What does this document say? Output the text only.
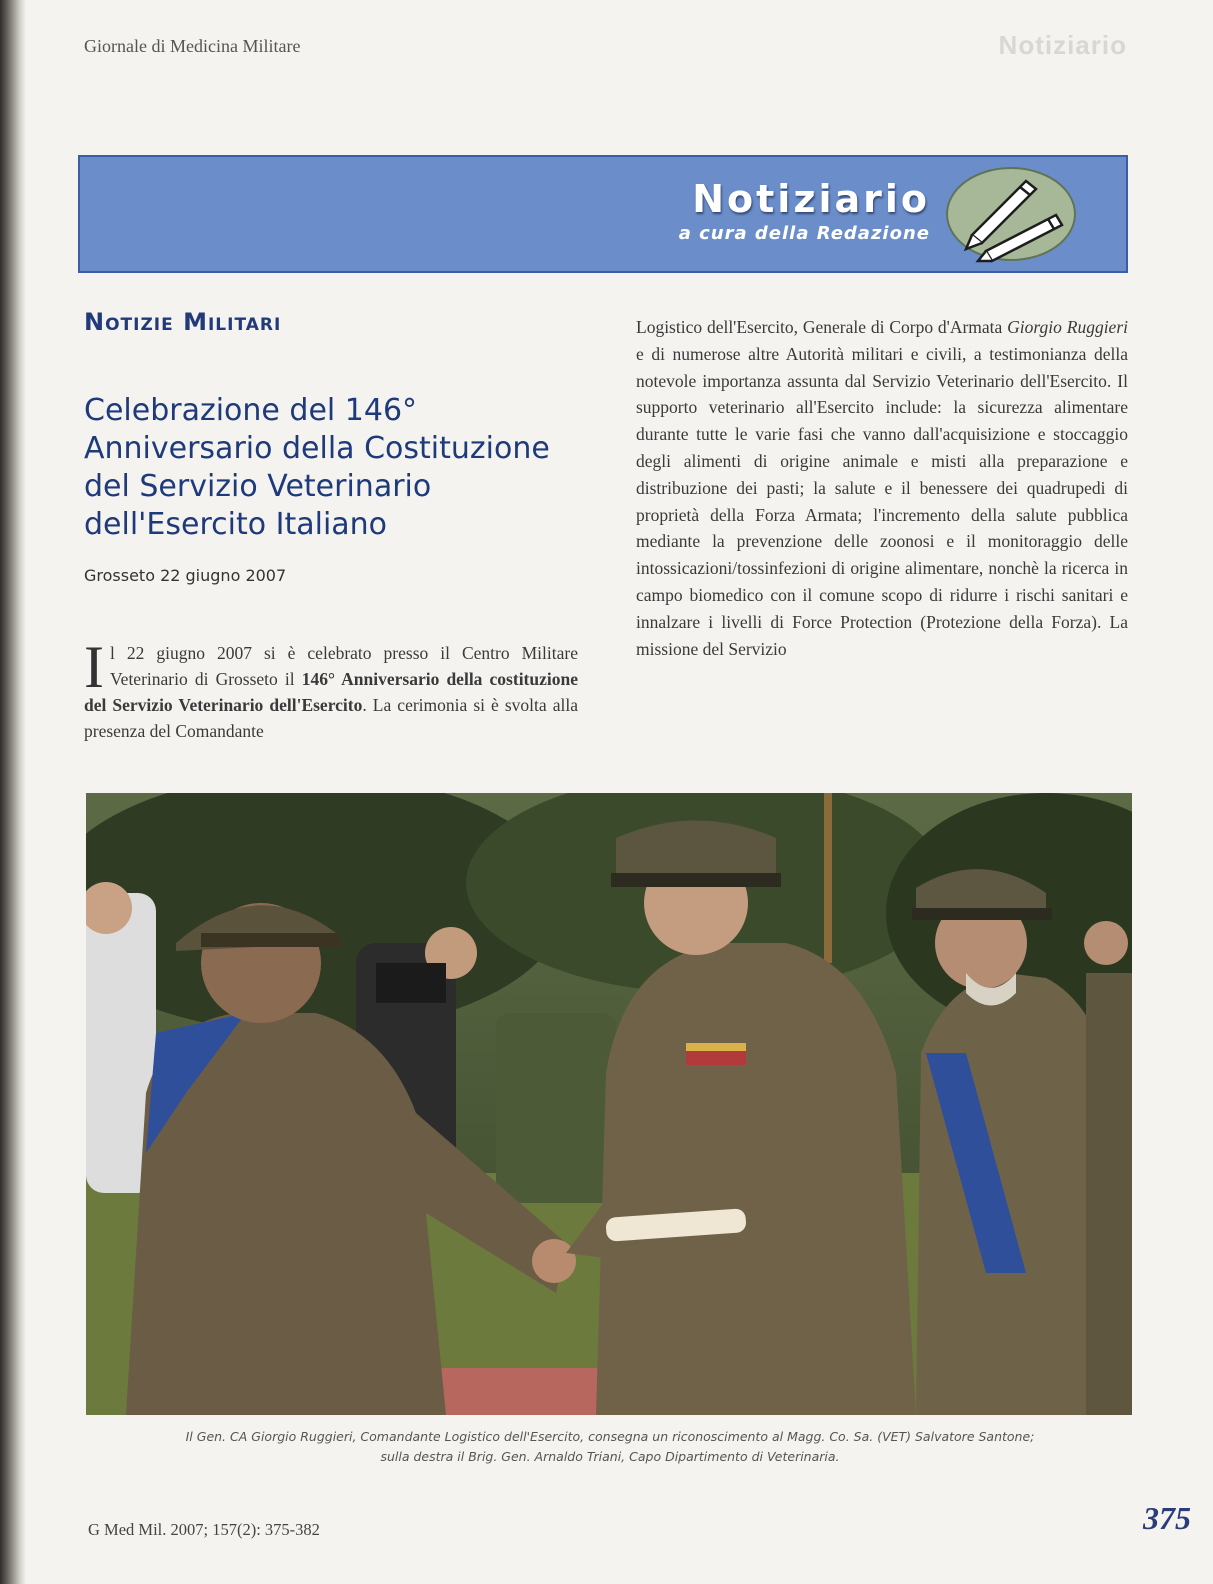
Giornale di Medicina Militare	Notiziario
Notiziario
a cura della Redazione
Notizie Militari
Celebrazione del 146° Anniversario della Costituzione del Servizio Veterinario dell'Esercito Italiano
Grosseto 22 giugno 2007
Il 22 giugno 2007 si è celebrato presso il Centro Militare Veterinario di Grosseto il 146° Anniversario della costituzione del Servizio Veterinario dell'Esercito. La cerimonia si è svolta alla presenza del Comandante
Logistico dell'Esercito, Generale di Corpo d'Armata Giorgio Ruggieri e di numerose altre Autorità militari e civili, a testimonianza della notevole importanza assunta dal Servizio Veterinario dell'Esercito. Il supporto veterinario all'Esercito include: la sicurezza alimentare durante tutte le varie fasi che vanno dall'acquisizione e stoccaggio degli alimenti di origine animale e misti alla preparazione e distribuzione dei pasti; la salute e il benessere dei quadrupedi di proprietà della Forza Armata; l'incremento della salute pubblica mediante la prevenzione delle zoonosi e il monitoraggio delle intossicazioni/tossinfezioni di origine alimentare, nonchè la ricerca in campo biomedico con il comune scopo di ridurre i rischi sanitari e innalzare i livelli di Force Protection (Protezione della Forza). La missione del Servizio
Il Gen. CA Giorgio Ruggieri, Comandante Logistico dell'Esercito, consegna un riconoscimento al Magg. Co. Sa. (VET) Salvatore Santone;
sulla destra il Brig. Gen. Arnaldo Triani, Capo Dipartimento di Veterinaria.
G Med Mil. 2007; 157(2): 375-382	375
